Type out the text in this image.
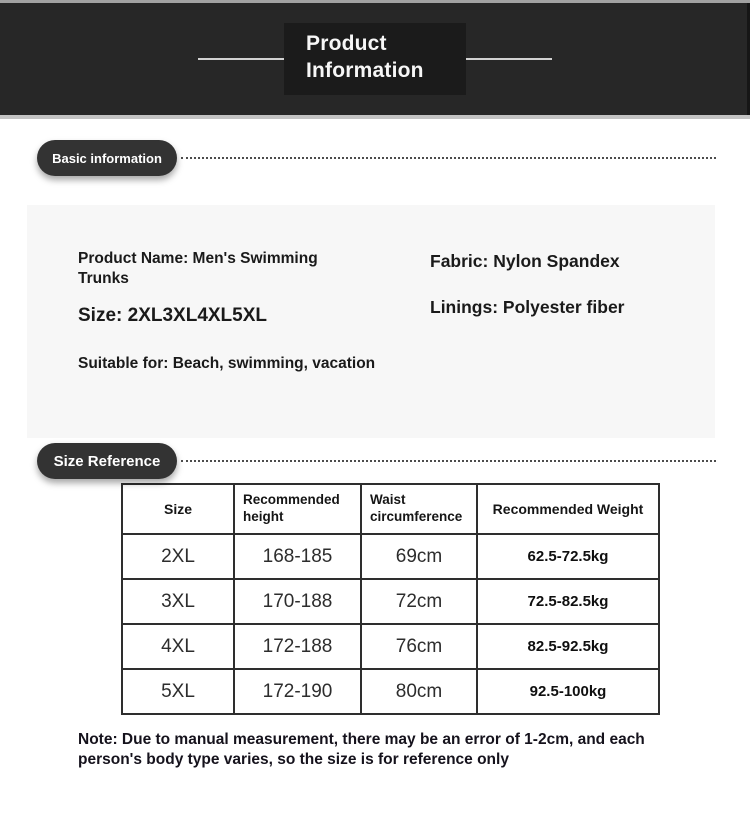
Product Information
Basic information

Product Name: Men's Swimming Trunks

Size: 2XL3XL4XL5XL

Suitable for: Beach, swimming, vacation

Fabric: Nylon Spandex

Linings: Polyester fiber

Size Reference
Size	Recommended height	Waist circumference	Recommended Weight
2XL	168-185	69cm	62.5-72.5kg
3XL	170-188	72cm	72.5-82.5kg
4XL	172-188	76cm	82.5-92.5kg
5XL	172-190	80cm	92.5-100kg

Note: Due to manual measurement, there may be an error of 1-2cm, and each person's body type varies, so the size is for reference only
